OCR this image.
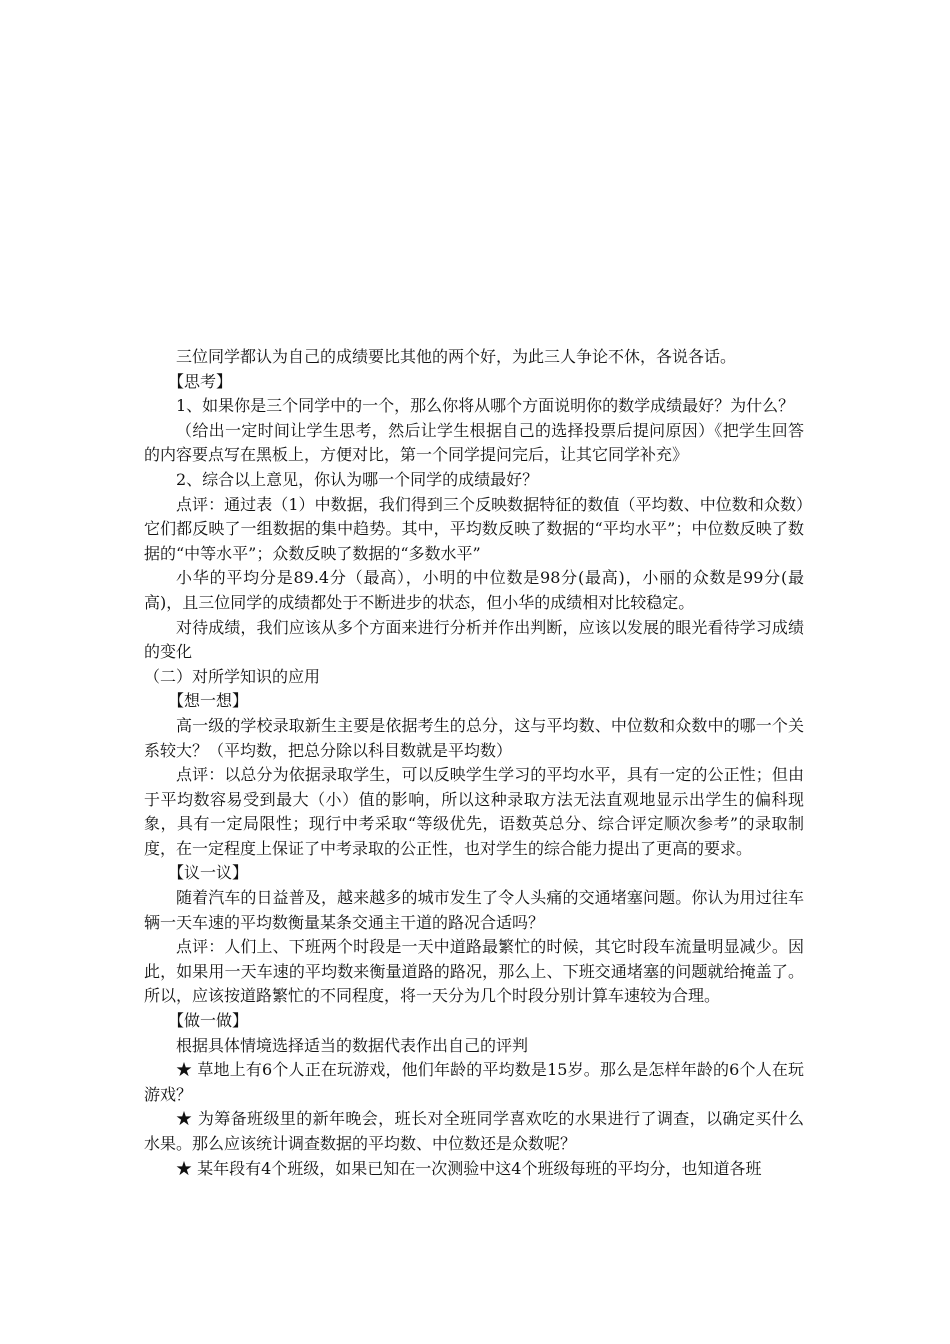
三位同学都认为自己的成绩要比其他的两个好，为此三人争论不休，各说各话。

【思考】

1、如果你是三个同学中的一个，那么你将从哪个方面说明你的数学成绩最好？为什么？

（给出一定时间让学生思考，然后让学生根据自己的选择投票后提问原因）《把学生回答的内容要点写在黑板上，方便对比，第一个同学提问完后，让其它同学补充》

2、综合以上意见，你认为哪一个同学的成绩最好？

点评：通过表（1）中数据，我们得到三个反映数据特征的数值（平均数、中位数和众数）它们都反映了一组数据的集中趋势。其中，平均数反映了数据的“平均水平”；中位数反映了数据的“中等水平”；众数反映了数据的“多数水平”

小华的平均分是89.4分（最高），小明的中位数是98分(最高)，小丽的众数是99分(最高)，且三位同学的成绩都处于不断进步的状态，但小华的成绩相对比较稳定。

对待成绩，我们应该从多个方面来进行分析并作出判断，应该以发展的眼光看待学习成绩的变化

（二）对所学知识的应用

【想一想】

高一级的学校录取新生主要是依据考生的总分，这与平均数、中位数和众数中的哪一个关系较大？（平均数，把总分除以科目数就是平均数）

点评：以总分为依据录取学生，可以反映学生学习的平均水平，具有一定的公正性；但由于平均数容易受到最大（小）值的影响，所以这种录取方法无法直观地显示出学生的偏科现象，具有一定局限性；现行中考采取“等级优先，语数英总分、综合评定顺次参考”的录取制度，在一定程度上保证了中考录取的公正性，也对学生的综合能力提出了更高的要求。

【议一议】

随着汽车的日益普及，越来越多的城市发生了令人头痛的交通堵塞问题。你认为用过往车辆一天车速的平均数衡量某条交通主干道的路况合适吗？

点评：人们上、下班两个时段是一天中道路最繁忙的时候，其它时段车流量明显减少。因此，如果用一天车速的平均数来衡量道路的路况，那么上、下班交通堵塞的问题就给掩盖了。所以，应该按道路繁忙的不同程度，将一天分为几个时段分别计算车速较为合理。

【做一做】

根据具体情境选择适当的数据代表作出自己的评判

★ 草地上有6个人正在玩游戏，他们年龄的平均数是15岁。那么是怎样年龄的6个人在玩游戏？

★ 为筹备班级里的新年晚会，班长对全班同学喜欢吃的水果进行了调查，以确定买什么水果。那么应该统计调查数据的平均数、中位数还是众数呢？

★ 某年段有4个班级，如果已知在一次测验中这4个班级每班的平均分，也知道各班
